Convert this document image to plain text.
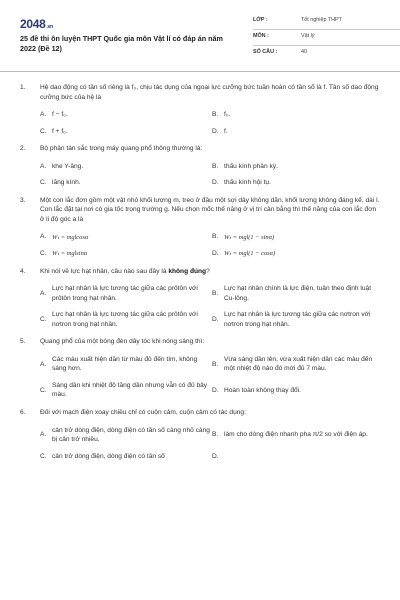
2048.vn
25 đề thi ôn luyện THPT Quốc gia môn Vật lí có đáp án năm 2022 (Đề 12)
LỚP :	Tốt nghiệp THPT
MÔN :	Vật lý
SỐ CÂU :	40
1. Hệ dao động có tần số riêng là f₀, chịu tác dụng của ngoại lực cưỡng bức tuần hoàn có tần số là f. Tần số dao động cưỡng bức của hệ là
A. f − f₀.	B. f₀.
C. f + f₀.	D. f.
2. Bộ phận tán sắc trong máy quang phổ thông thường là:
A. khe Y-âng.	B. thấu kính phân kỳ.
C. lăng kính.	D. thấu kính hội tụ.
3. Một con lắc đơn gồm một vật nhỏ khối lượng m, treo ở đầu một sợi dây không dãn, khối lượng không đáng kể, dài l. Con lắc đặt tại nơi có gia tốc trọng trường g. Nếu chọn mốc thế năng ở vị trí cân bằng thì thế năng của con lắc đơn ở li độ góc a là
A. Wₜ = mglcosα	B. Wₜ = mgl(1 − sinα)
C. Wₜ = mglsinα	D. Wₜ = mgl(1 − cosα)
4. Khi nói về lực hạt nhân, câu nào sau đây là không đúng?
A.
Lực hạt nhân là lực tương tác giữa các prôtôn với prôtôn trong hạt nhân.
B.
Lực hạt nhân chính là lực điện, tuân theo định luật Cu-lông.
C.
Lực hạt nhân là lực tương tác giữa các prôtôn với nơtron trong hạt nhân.
D.
Lực hạt nhân là lực tương tác giữa các nơtron với nơtron trong hạt nhân.
5. Quang phổ của một bóng đèn dây tóc khi nóng sáng thì:
A.
Các màu xuất hiện dần từ màu đỏ đến tím, không sáng hơn.
B.
Vừa sáng dần lên, vừa xuất hiện dần các màu đến một nhiệt độ nào đó mới đủ 7 màu.
C.
Sáng dần khi nhiệt độ tăng dần nhưng vẫn có đủ bảy màu.
D. Hoàn toàn không thay đổi.
6. Đối với mạch điện xoay chiều chỉ có cuộn cảm, cuộn cảm có tác dụng:
A.
cản trở dòng điện, dòng điện có tần số càng nhỏ càng bị cản trở nhiều.
B. làm cho dòng điện nhanh pha π/2 so với điện áp.
C. cản trở dòng điện, dòng điện có tần số	D.
